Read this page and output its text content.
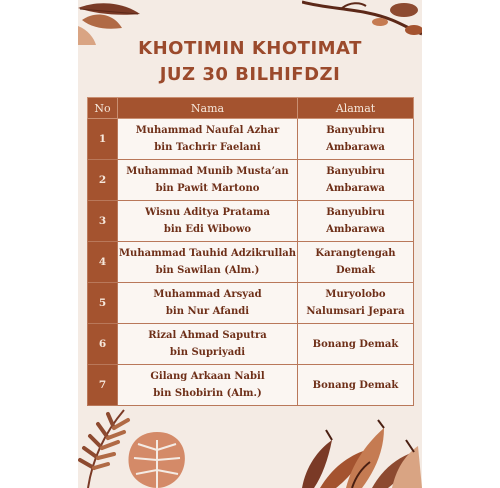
KHOTIMIN KHOTIMAT
JUZ 30 BILHIFDZI
No	Nama	Alamat
1	Muhammad Naufal Azhar
bin Tachrir Faelani	Banyubiru
Ambarawa

2	Muhammad Munib Musta’an
bin Pawit Martono	Banyubiru
Ambarawa

3	Wisnu Aditya Pratama
bin Edi Wibowo	Banyubiru
Ambarawa

4	Muhammad Tauhid Adzikrullah
bin Sawilan (Alm.)	Karangtengah
Demak

5	Muhammad Arsyad
bin Nur Afandi	Muryolobo
Nalumsari Jepara

6	Rizal Ahmad Saputra
bin Supriyadi	Bonang Demak

7	Gilang Arkaan Nabil
bin Shobirin (Alm.)	Bonang Demak
